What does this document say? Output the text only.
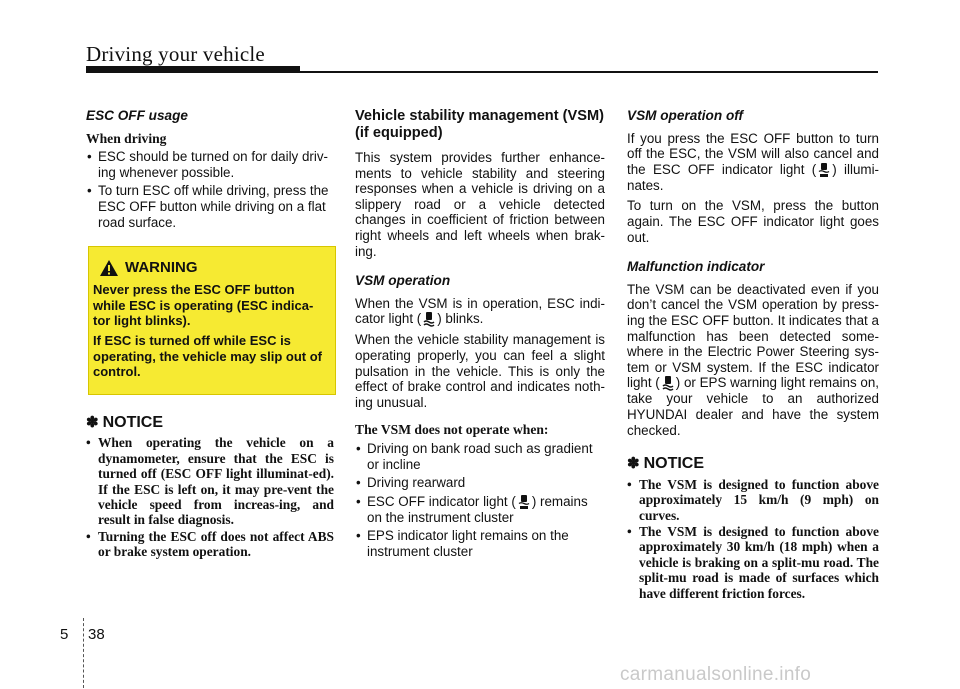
Driving your vehicle
ESC OFF usage
When driving
• ESC should be turned on for daily driv-ing whenever possible.
• To turn ESC off while driving, press the ESC OFF button while driving on a flat road surface.
WARNING

Never press the ESC OFF button while ESC is operating (ESC indica-tor light blinks).

If ESC is turned off while ESC is operating, the vehicle may slip out of control.

✽ NOTICE
• When operating the vehicle on a dynamometer, ensure that the ESC is turned off (ESC OFF light illuminat-ed). If the ESC is left on, it may pre-vent the vehicle speed from increas-ing, and result in false diagnosis.
• Turning the ESC off does not affect ABS or brake system operation.
Vehicle stability management (VSM) (if equipped)

This system provides further enhance-ments to vehicle stability and steering responses when a vehicle is driving on a slippery road or a vehicle detected changes in coefficient of friction between right wheels and left wheels when brak-ing.

VSM operation

When the VSM is in operation, ESC indi-cator light ( ) blinks.

When the vehicle stability management is operating properly, you can feel a slight pulsation in the vehicle. This is only the effect of brake control and indicates noth-ing unusual.

The VSM does not operate when:
• Driving on bank road such as gradient or incline
• Driving rearward
• ESC OFF indicator light ( ) remains on the instrument cluster
• EPS indicator light remains on the instrument cluster
VSM operation off

If you press the ESC OFF button to turn off the ESC, the VSM will also cancel and the ESC OFF indicator light ( ) illumi-nates.

To turn on the VSM, press the button again. The ESC OFF indicator light goes out.

Malfunction indicator

The VSM can be deactivated even if you don’t cancel the VSM operation by press-ing the ESC OFF button. It indicates that a malfunction has been detected some-where in the Electric Power Steering sys-tem or VSM system. If the ESC indicator light ( ) or EPS warning light remains on, take your vehicle to an authorized HYUNDAI dealer and have the system checked.

✽ NOTICE
• The VSM is designed to function above approximately 15 km/h (9 mph) on curves.
• The VSM is designed to function above approximately 30 km/h (18 mph) when a vehicle is braking on a split-mu road. The split-mu road is made of surfaces which have different friction forces.
5 38
carmanualsonline.info
